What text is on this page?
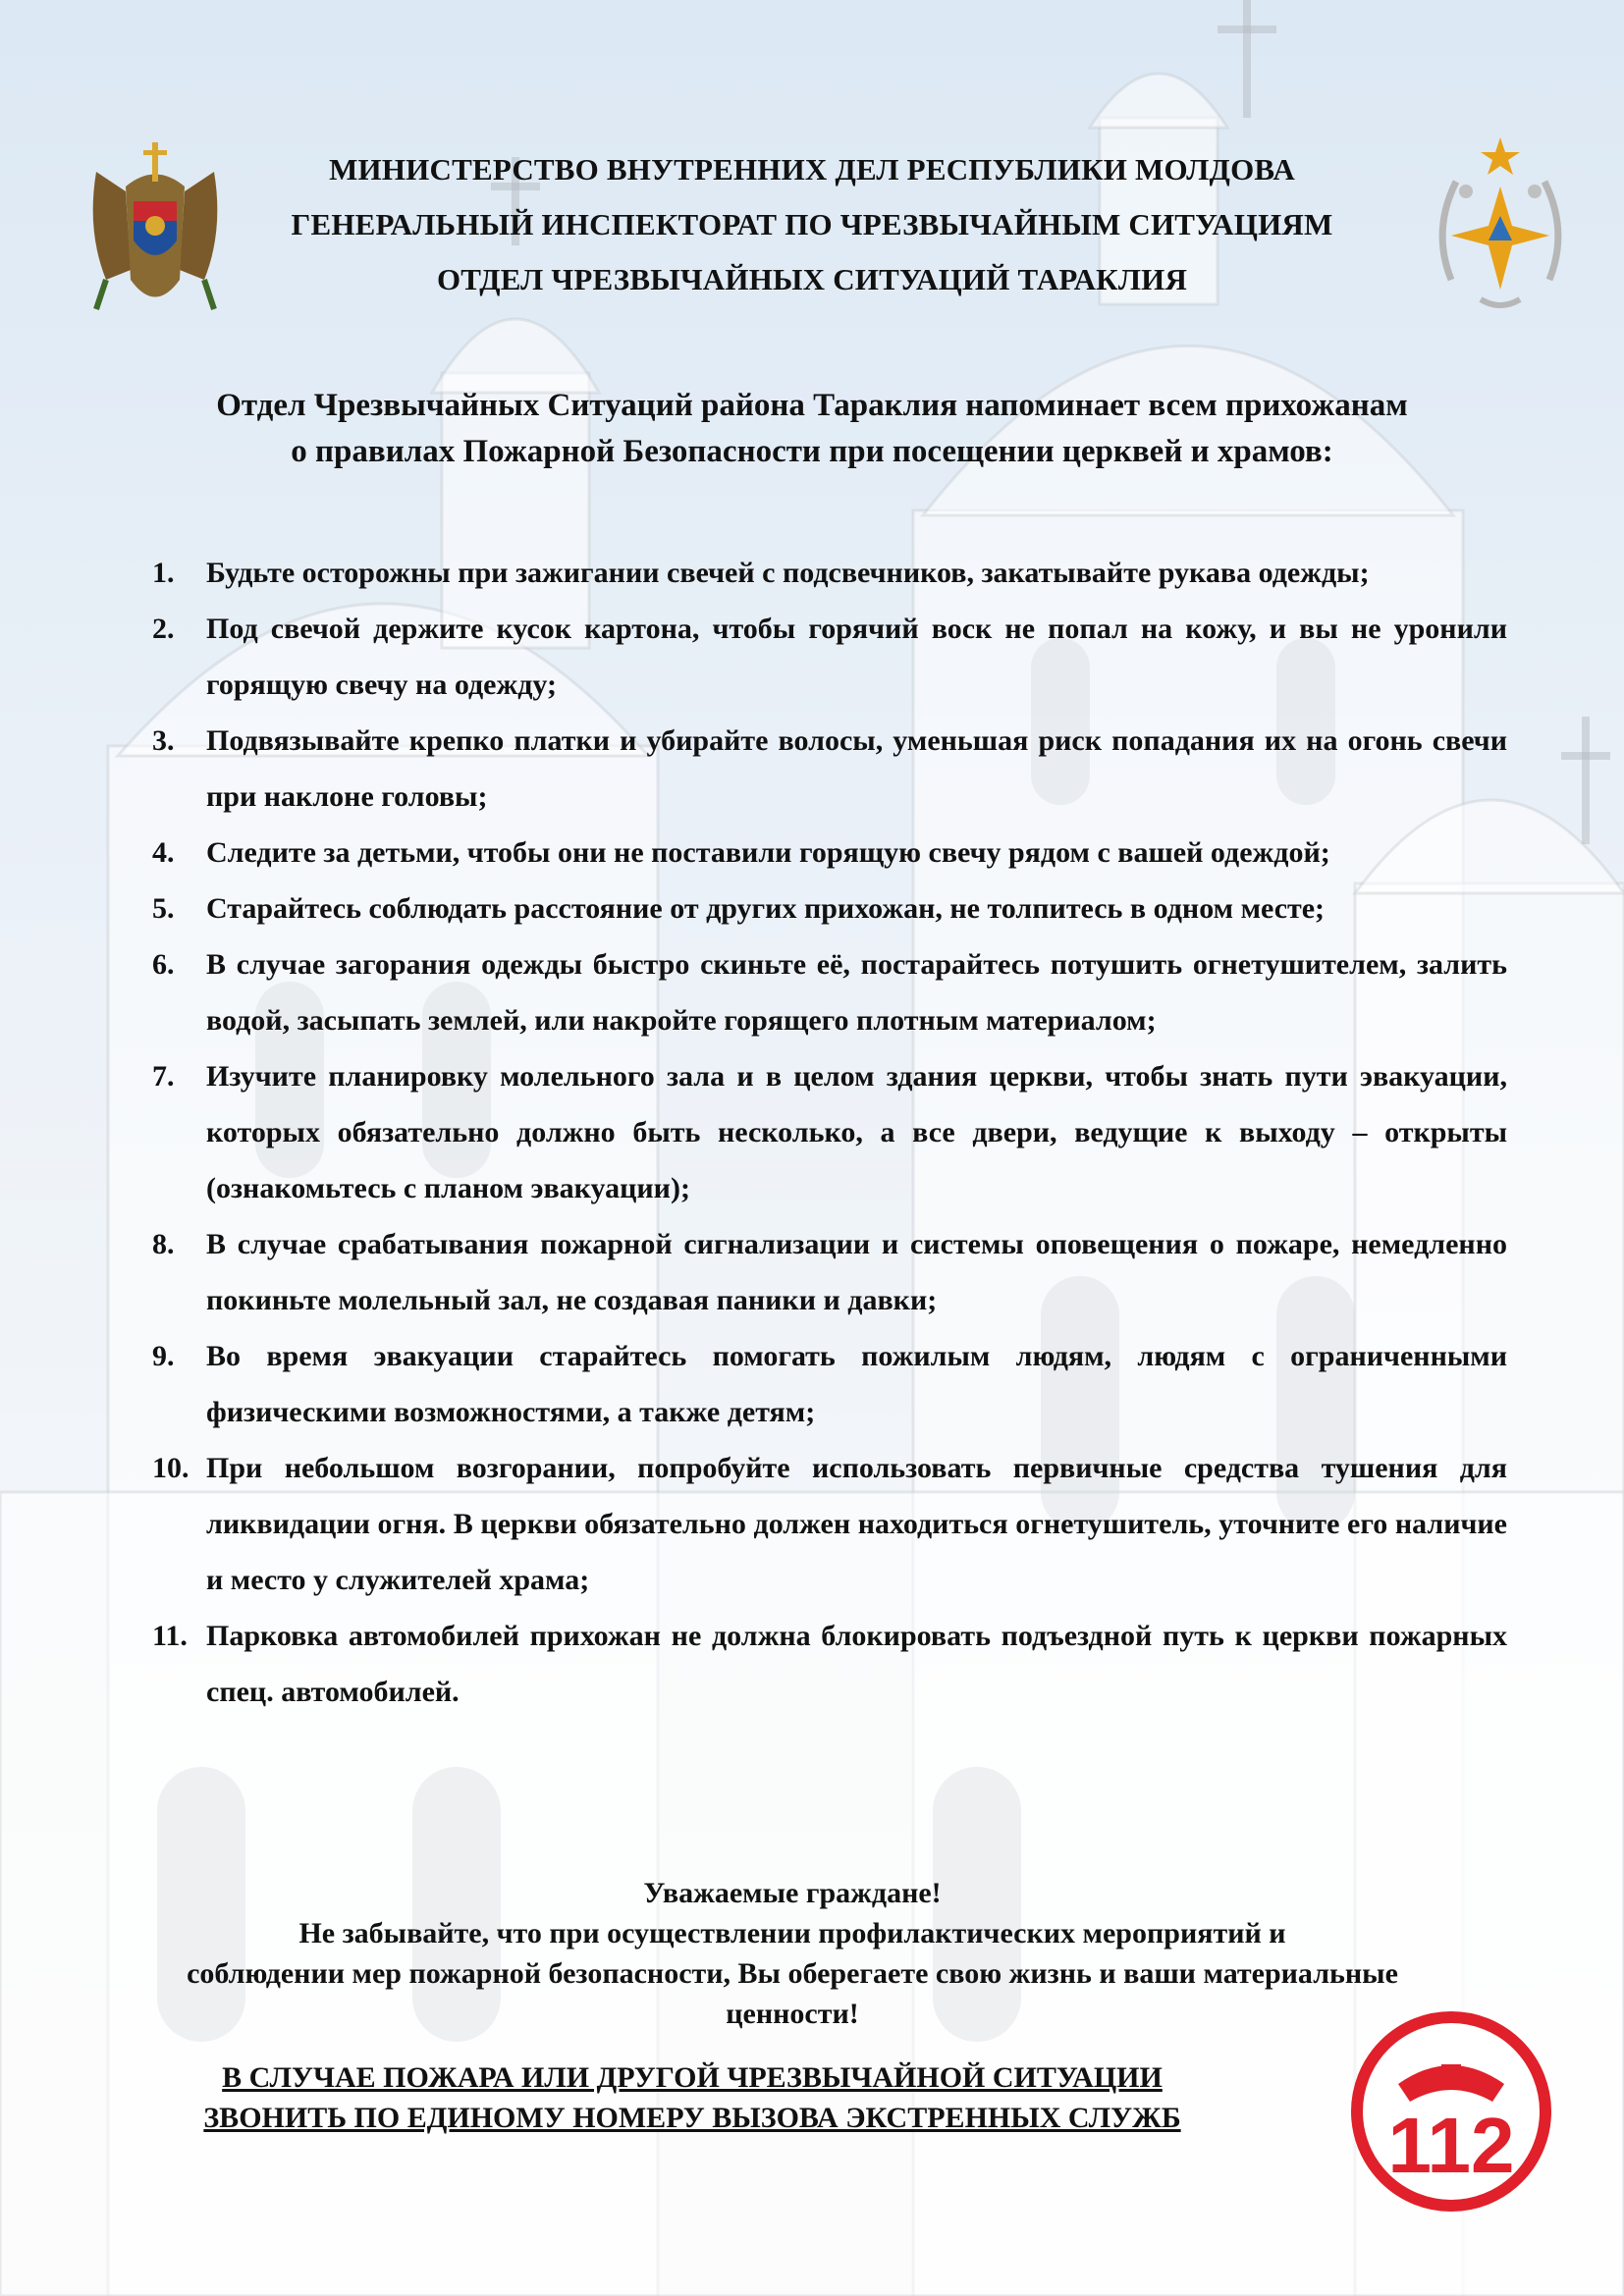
МИНИСТЕРСТВО ВНУТРЕННИХ ДЕЛ РЕСПУБЛИКИ МОЛДОВА
ГЕНЕРАЛЬНЫЙ ИНСПЕКТОРАТ ПО ЧРЕЗВЫЧАЙНЫМ СИТУАЦИЯМ
ОТДЕЛ ЧРЕЗВЫЧАЙНЫХ СИТУАЦИЙ ТАРАКЛИЯ
Отдел Чрезвычайных Ситуаций района Тараклия напоминает всем прихожанам
о правилах Пожарной Безопасности при посещении церквей и храмов:
1. Будьте осторожны при зажигании свечей с подсвечников, закатывайте рукава одежды;
2. Под свечой держите кусок картона, чтобы горячий воск не попал на кожу, и вы не уронили горящую свечу на одежду;
3. Подвязывайте крепко платки и убирайте волосы, уменьшая риск попадания их на огонь свечи при наклоне головы;
4. Следите за детьми, чтобы они не поставили горящую свечу рядом с вашей одеждой;
5. Старайтесь соблюдать расстояние от других прихожан, не толпитесь в одном месте;
6. В случае загорания одежды быстро скиньте её, постарайтесь потушить огнетушителем, залить водой, засыпать землей, или накройте горящего плотным материалом;
7. Изучите планировку молельного зала и в целом здания церкви, чтобы знать пути эвакуации, которых обязательно должно быть несколько, а все двери, ведущие к выходу – открыты (ознакомьтесь с планом эвакуации);
8. В случае срабатывания пожарной сигнализации и системы оповещения о пожаре, немедленно покиньте молельный зал, не создавая паники и давки;
9. Во время эвакуации старайтесь помогать пожилым людям, людям с ограниченными физическими возможностями, а также детям;
10. При небольшом возгорании, попробуйте использовать первичные средства тушения для ликвидации огня. В церкви обязательно должен находиться огнетушитель, уточните его наличие и место у служителей храма;
11. Парковка автомобилей прихожан не должна блокировать подъездной путь к церкви пожарных спец. автомобилей.
Уважаемые граждане!
Не забывайте, что при осуществлении профилактических мероприятий и
соблюдении мер пожарной безопасности, Вы оберегаете свою жизнь и ваши материальные
ценности!
В СЛУЧАЕ ПОЖАРА ИЛИ ДРУГОЙ ЧРЕЗВЫЧАЙНОЙ СИТУАЦИИ
ЗВОНИТЬ ПО ЕДИНОМУ НОМЕРУ ВЫЗОВА ЭКСТРЕННЫХ СЛУЖБ	112
